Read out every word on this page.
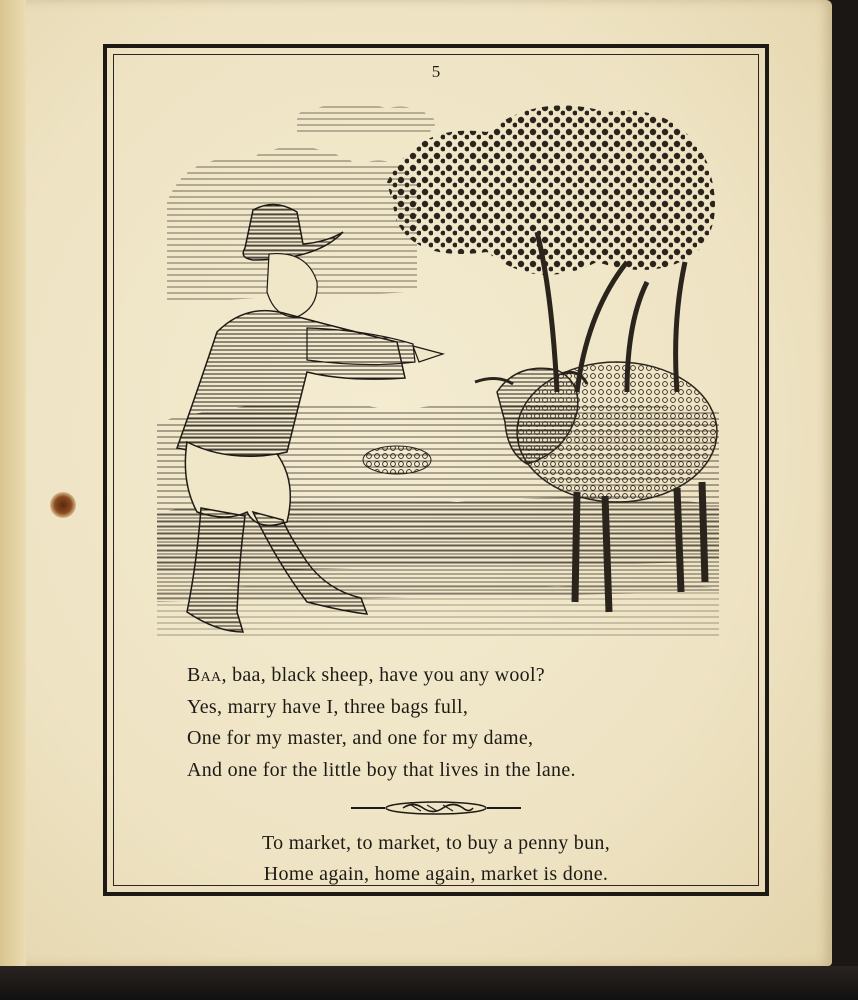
5
Baa, baa, black sheep, have you any wool?
Yes, marry have I, three bags full,
One for my master, and one for my dame,
And one for the little boy that lives in the lane.
To market, to market, to buy a penny bun,
Home again, home again, market is done.
